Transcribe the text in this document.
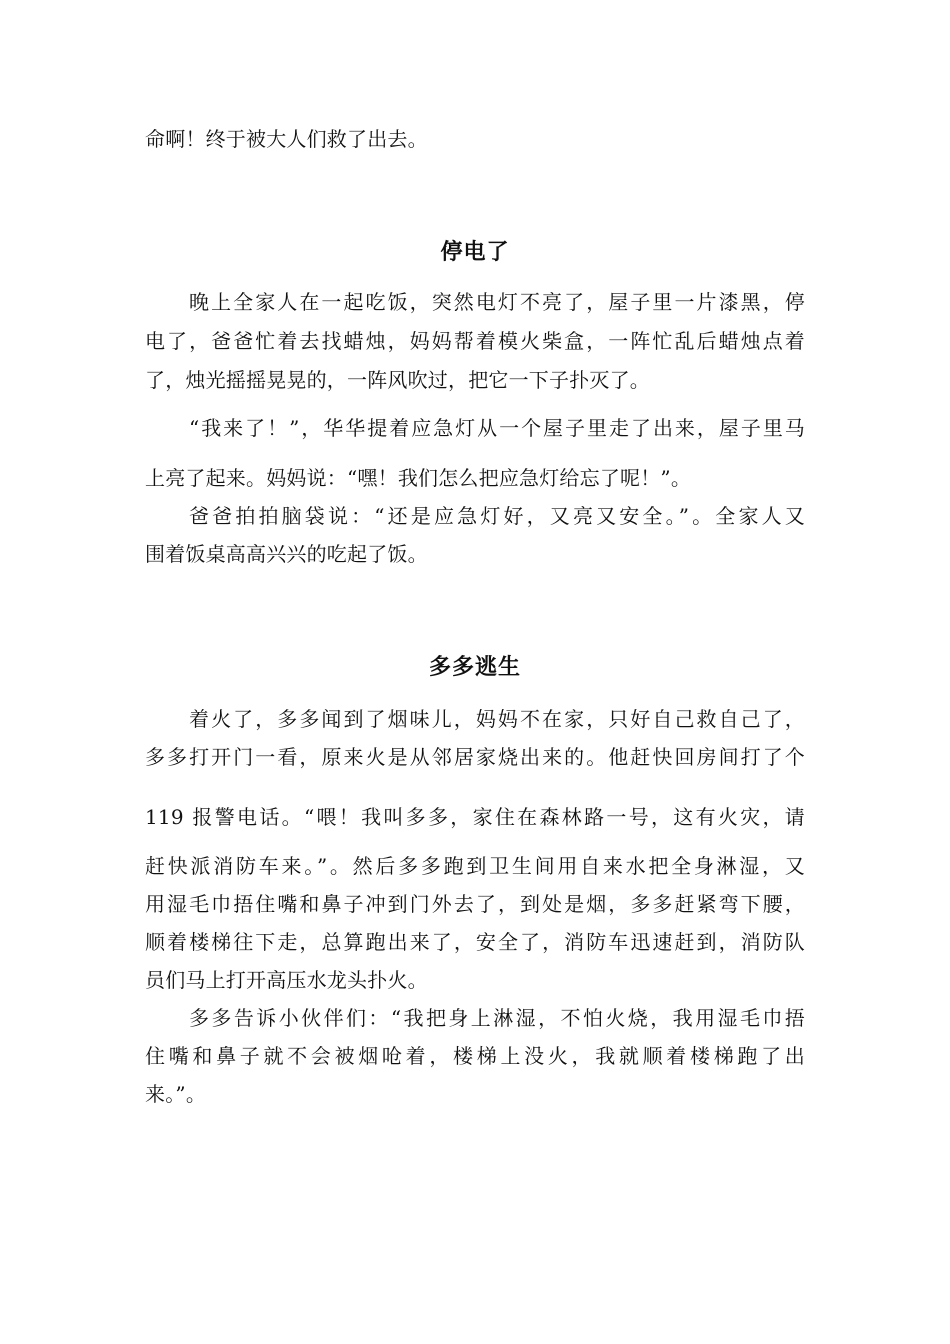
命啊！终于被大人们救了出去。
停电了
晚上全家人在一起吃饭，突然电灯不亮了，屋子里一片漆黑，停
电了，爸爸忙着去找蜡烛，妈妈帮着模火柴盒，一阵忙乱后蜡烛点着
了，烛光摇摇晃晃的，一阵风吹过，把它一下子扑灭了。
“我来了！”，华华提着应急灯从一个屋子里走了出来，屋子里马
上亮了起来。妈妈说：“嘿！我们怎么把应急灯给忘了呢！”。
爸爸拍拍脑袋说：“还是应急灯好，又亮又安全。”。全家人又
围着饭桌高高兴兴的吃起了饭。
多多逃生
着火了，多多闻到了烟味儿，妈妈不在家，只好自己救自己了，
多多打开门一看，原来火是从邻居家烧出来的。他赶快回房间打了个
119 报警电话。“喂！我叫多多，家住在森林路一号，这有火灾，请
赶快派消防车来。”。然后多多跑到卫生间用自来水把全身淋湿，又
用湿毛巾捂住嘴和鼻子冲到门外去了，到处是烟，多多赶紧弯下腰，
顺着楼梯往下走，总算跑出来了，安全了，消防车迅速赶到，消防队
员们马上打开高压水龙头扑火。
多多告诉小伙伴们：“我把身上淋湿，不怕火烧，我用湿毛巾捂
住嘴和鼻子就不会被烟呛着，楼梯上没火，我就顺着楼梯跑了出
来。”。
